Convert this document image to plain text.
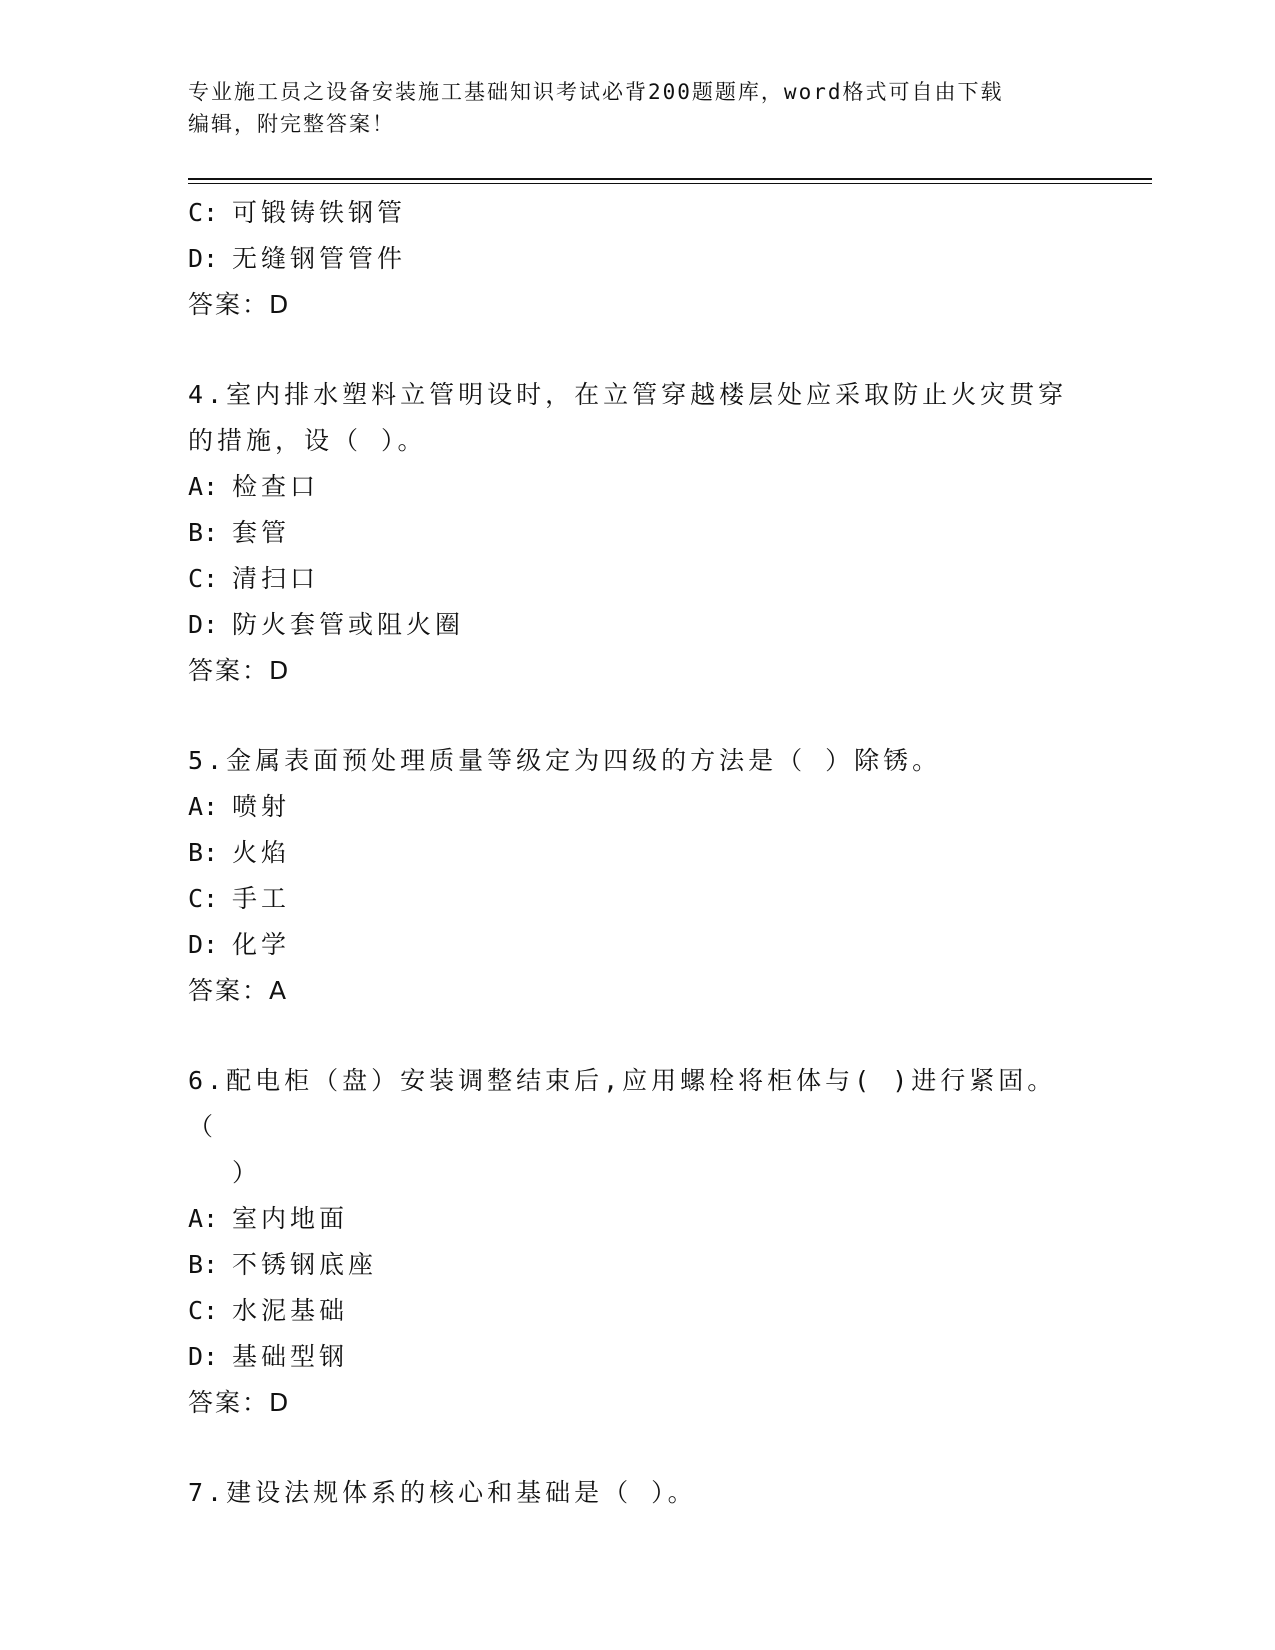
专业施工员之设备安装施工基础知识考试必背200题题库，word格式可自由下载
编辑，附完整答案！
C: 可锻铸铁钢管
D: 无缝钢管管件
答案：D
4.室内排水塑料立管明设时，在立管穿越楼层处应采取防止火灾贯穿
的措施，设（ ）。
A: 检查口
B: 套管
C: 清扫口
D: 防火套管或阻火圈
答案：D
5.金属表面预处理质量等级定为四级的方法是（ ）除锈。
A: 喷射
B: 火焰
C: 手工
D: 化学
答案：A
6.配电柜（盘）安装调整结束后,应用螺栓将柜体与( )进行紧固。（
）
A: 室内地面
B: 不锈钢底座
C: 水泥基础
D: 基础型钢
答案：D
7.建设法规体系的核心和基础是（ ）。
